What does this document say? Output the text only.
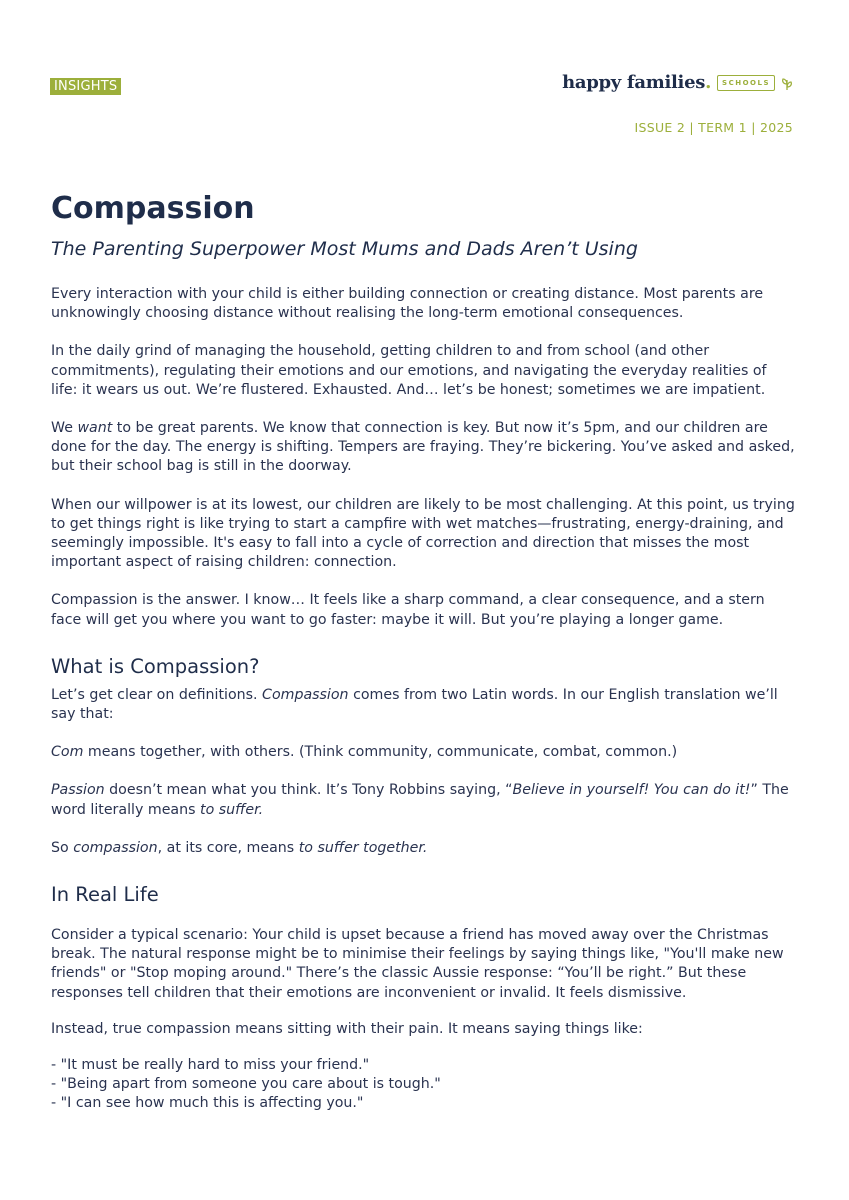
INSIGHTS	happy families.	SCHOOLS
ISSUE 2 | TERM 1 | 2025
Compassion

The Parenting Superpower Most Mums and Dads Aren’t Using

Every interaction with your child is either building connection or creating distance. Most parents are unknowingly choosing distance without realising the long-term emotional consequences.

In the daily grind of managing the household, getting children to and from school (and other commitments), regulating their emotions and our emotions, and navigating the everyday realities of life: it wears us out. We’re flustered. Exhausted. And… let’s be honest; sometimes we are impatient.

We want to be great parents. We know that connection is key. But now it’s 5pm, and our children are done for the day. The energy is shifting. Tempers are fraying. They’re bickering. You’ve asked and asked, but their school bag is still in the doorway.

When our willpower is at its lowest, our children are likely to be most challenging. At this point, us trying to get things right is like trying to start a campfire with wet matches—frustrating, energy-draining, and seemingly impossible. It's easy to fall into a cycle of correction and direction that misses the most important aspect of raising children: connection.

Compassion is the answer. I know… It feels like a sharp command, a clear consequence, and a stern face will get you where you want to go faster: maybe it will. But you’re playing a longer game.

What is Compassion?

Let’s get clear on definitions. Compassion comes from two Latin words. In our English translation we’ll say that:

Com means together, with others. (Think community, communicate, combat, common.)

Passion doesn’t mean what you think. It’s Tony Robbins saying, “Believe in yourself! You can do it!” The word literally means to suffer.

So compassion, at its core, means to suffer together.

In Real Life

Consider a typical scenario: Your child is upset because a friend has moved away over the Christmas break. The natural response might be to minimise their feelings by saying things like, "You'll make new friends" or "Stop moping around." There’s the classic Aussie response: “You’ll be right.” But these responses tell children that their emotions are inconvenient or invalid. It feels dismissive.

Instead, true compassion means sitting with their pain. It means saying things like:

- "It must be really hard to miss your friend."

- "Being apart from someone you care about is tough."

- "I can see how much this is affecting you."
